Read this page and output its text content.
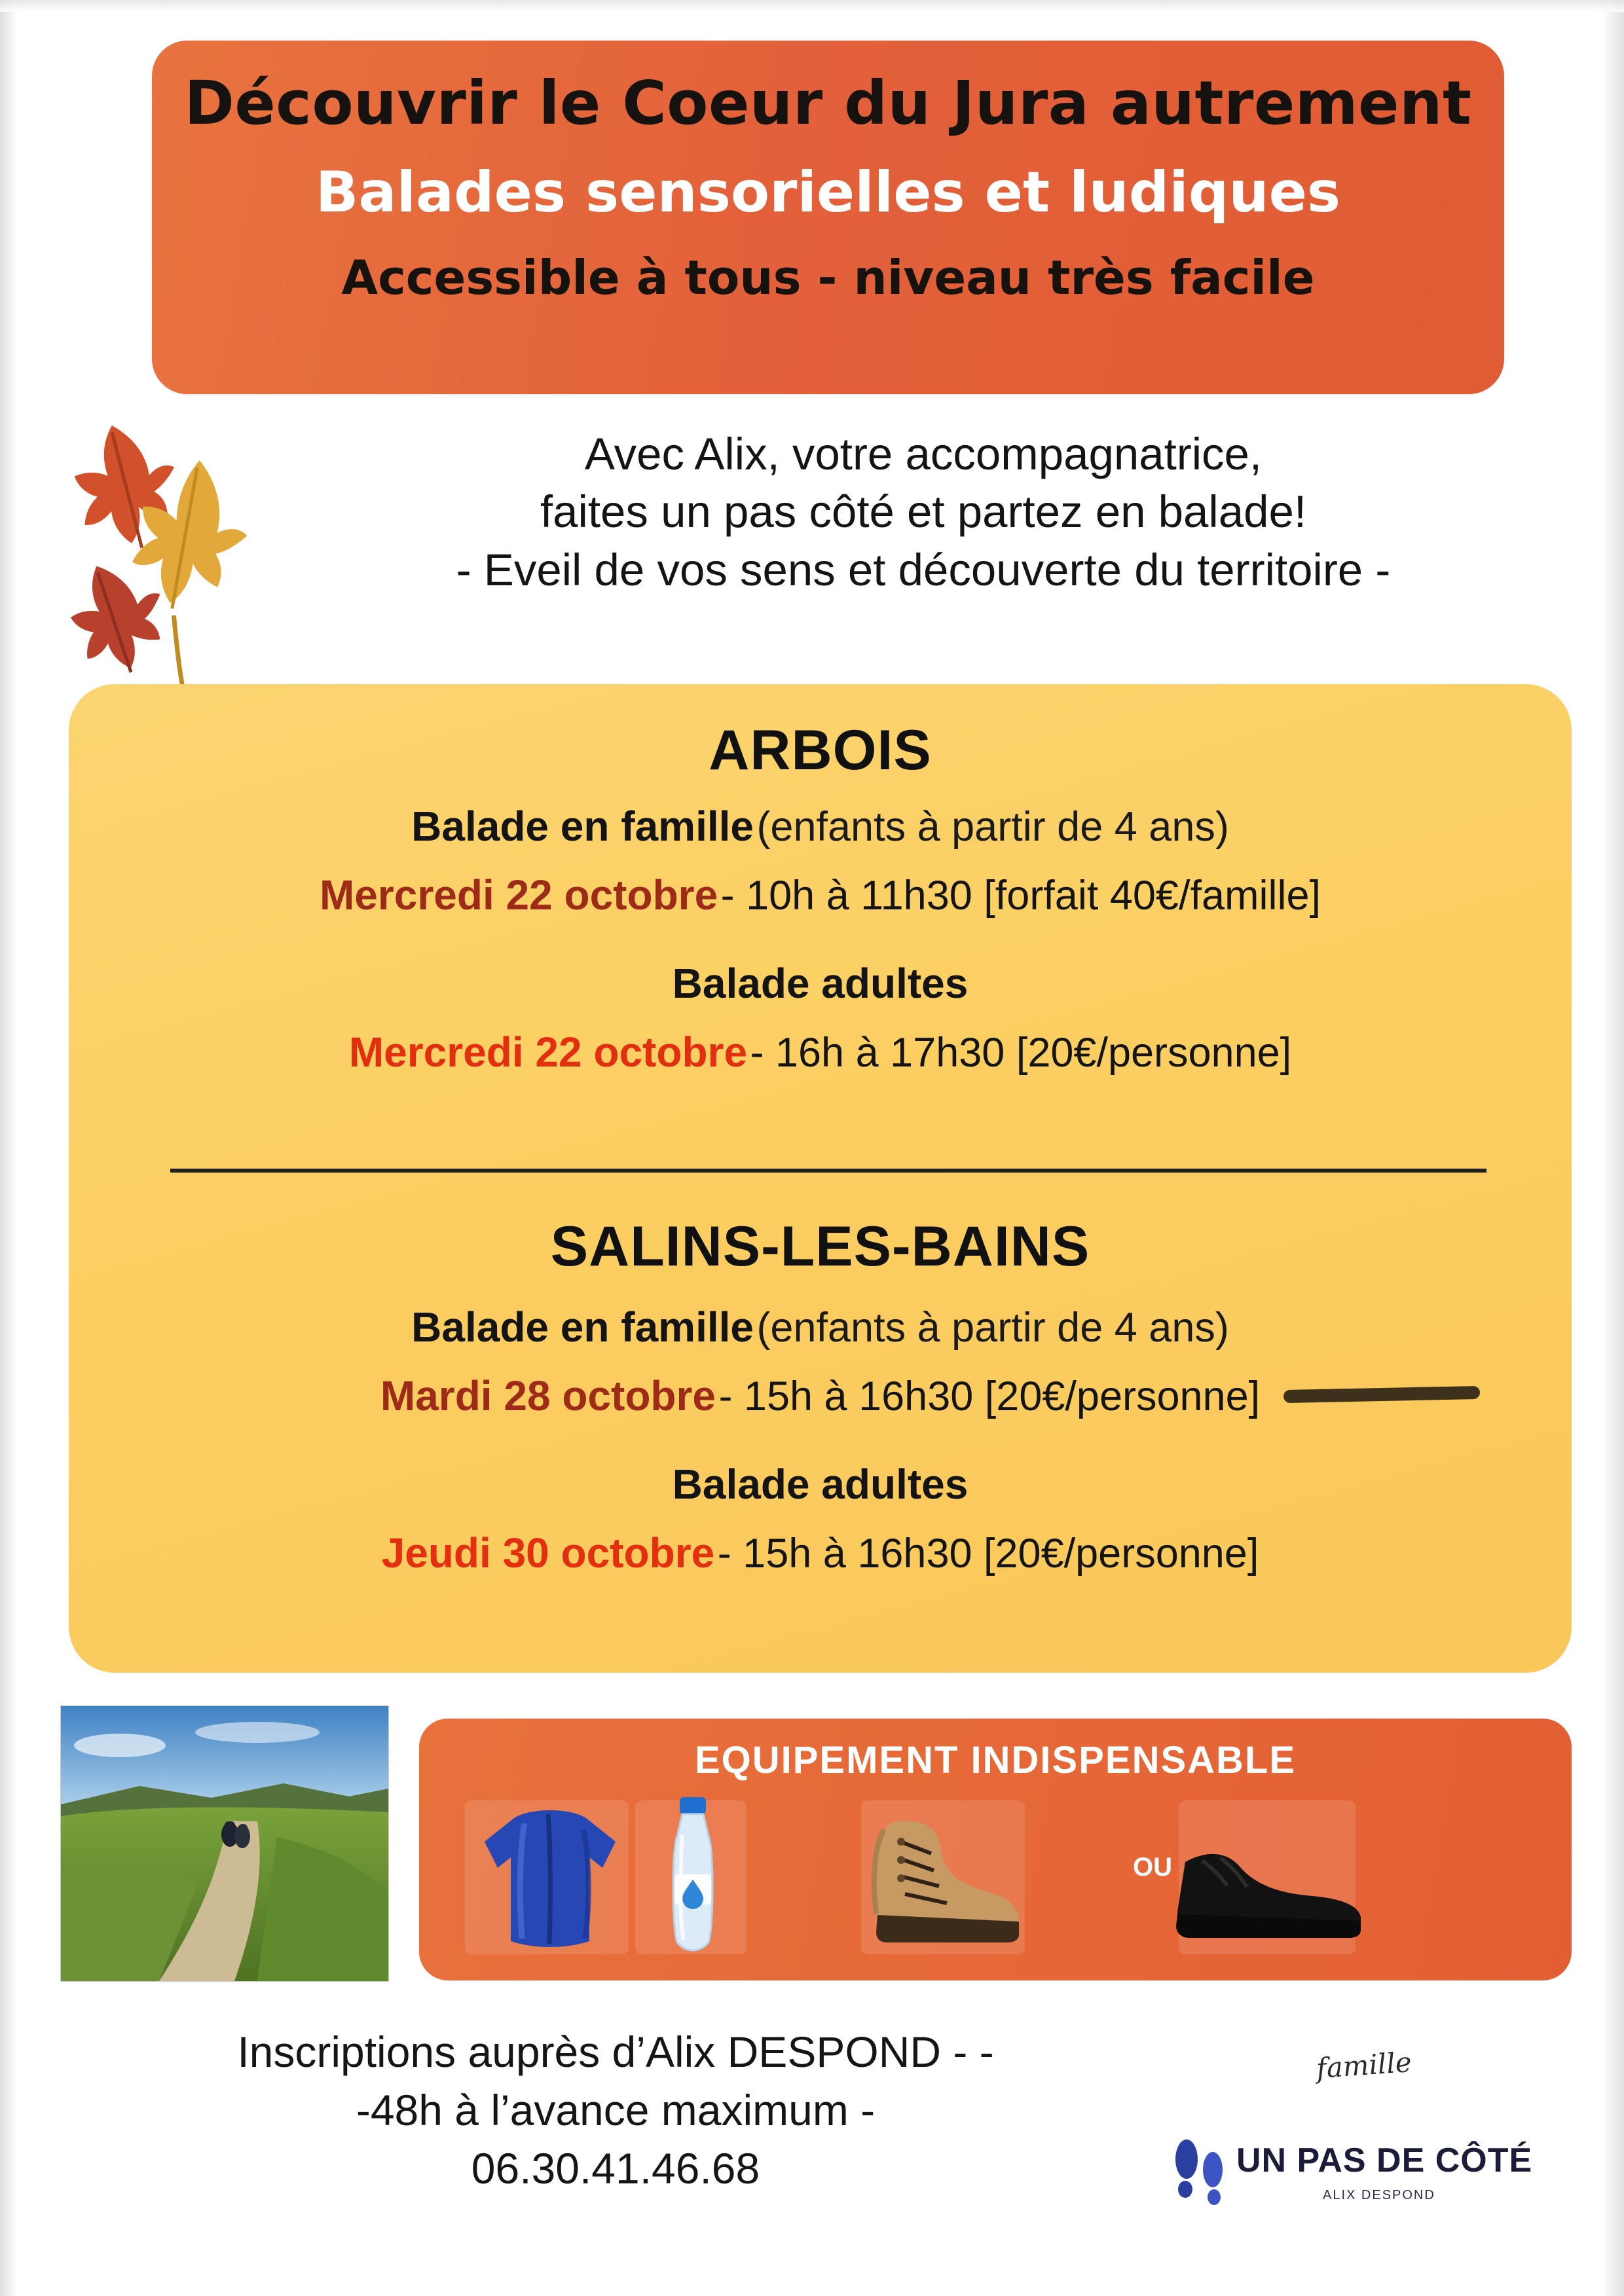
Découvrir le Coeur du Jura autrement
Balades sensorielles et ludiques
Accessible à tous - niveau très facile
Avec Alix, votre accompagnatrice,
faites un pas côté et partez en balade!
- Eveil de vos sens et découverte du territoire -
ARBOIS
Balade en famille (enfants à partir de 4 ans)
Mercredi 22 octobre - 10h à 11h30 [forfait 40€/famille]
Balade adultes
Mercredi 22 octobre - 16h à 17h30 [20€/personne]
SALINS-LES-BAINS
Balade en famille (enfants à partir de 4 ans)
Mardi 28 octobre - 15h à 16h30 [20€/personne]
famille
Balade adultes
Jeudi 30 octobre - 15h à 16h30 [20€/personne]
EQUIPEMENT INDISPENSABLE
OU
Inscriptions auprès d’Alix DESPOND - -
-48h à l’avance maximum -
06.30.41.46.68	UN PAS DE CÔTÉ
ALIX DESPOND
